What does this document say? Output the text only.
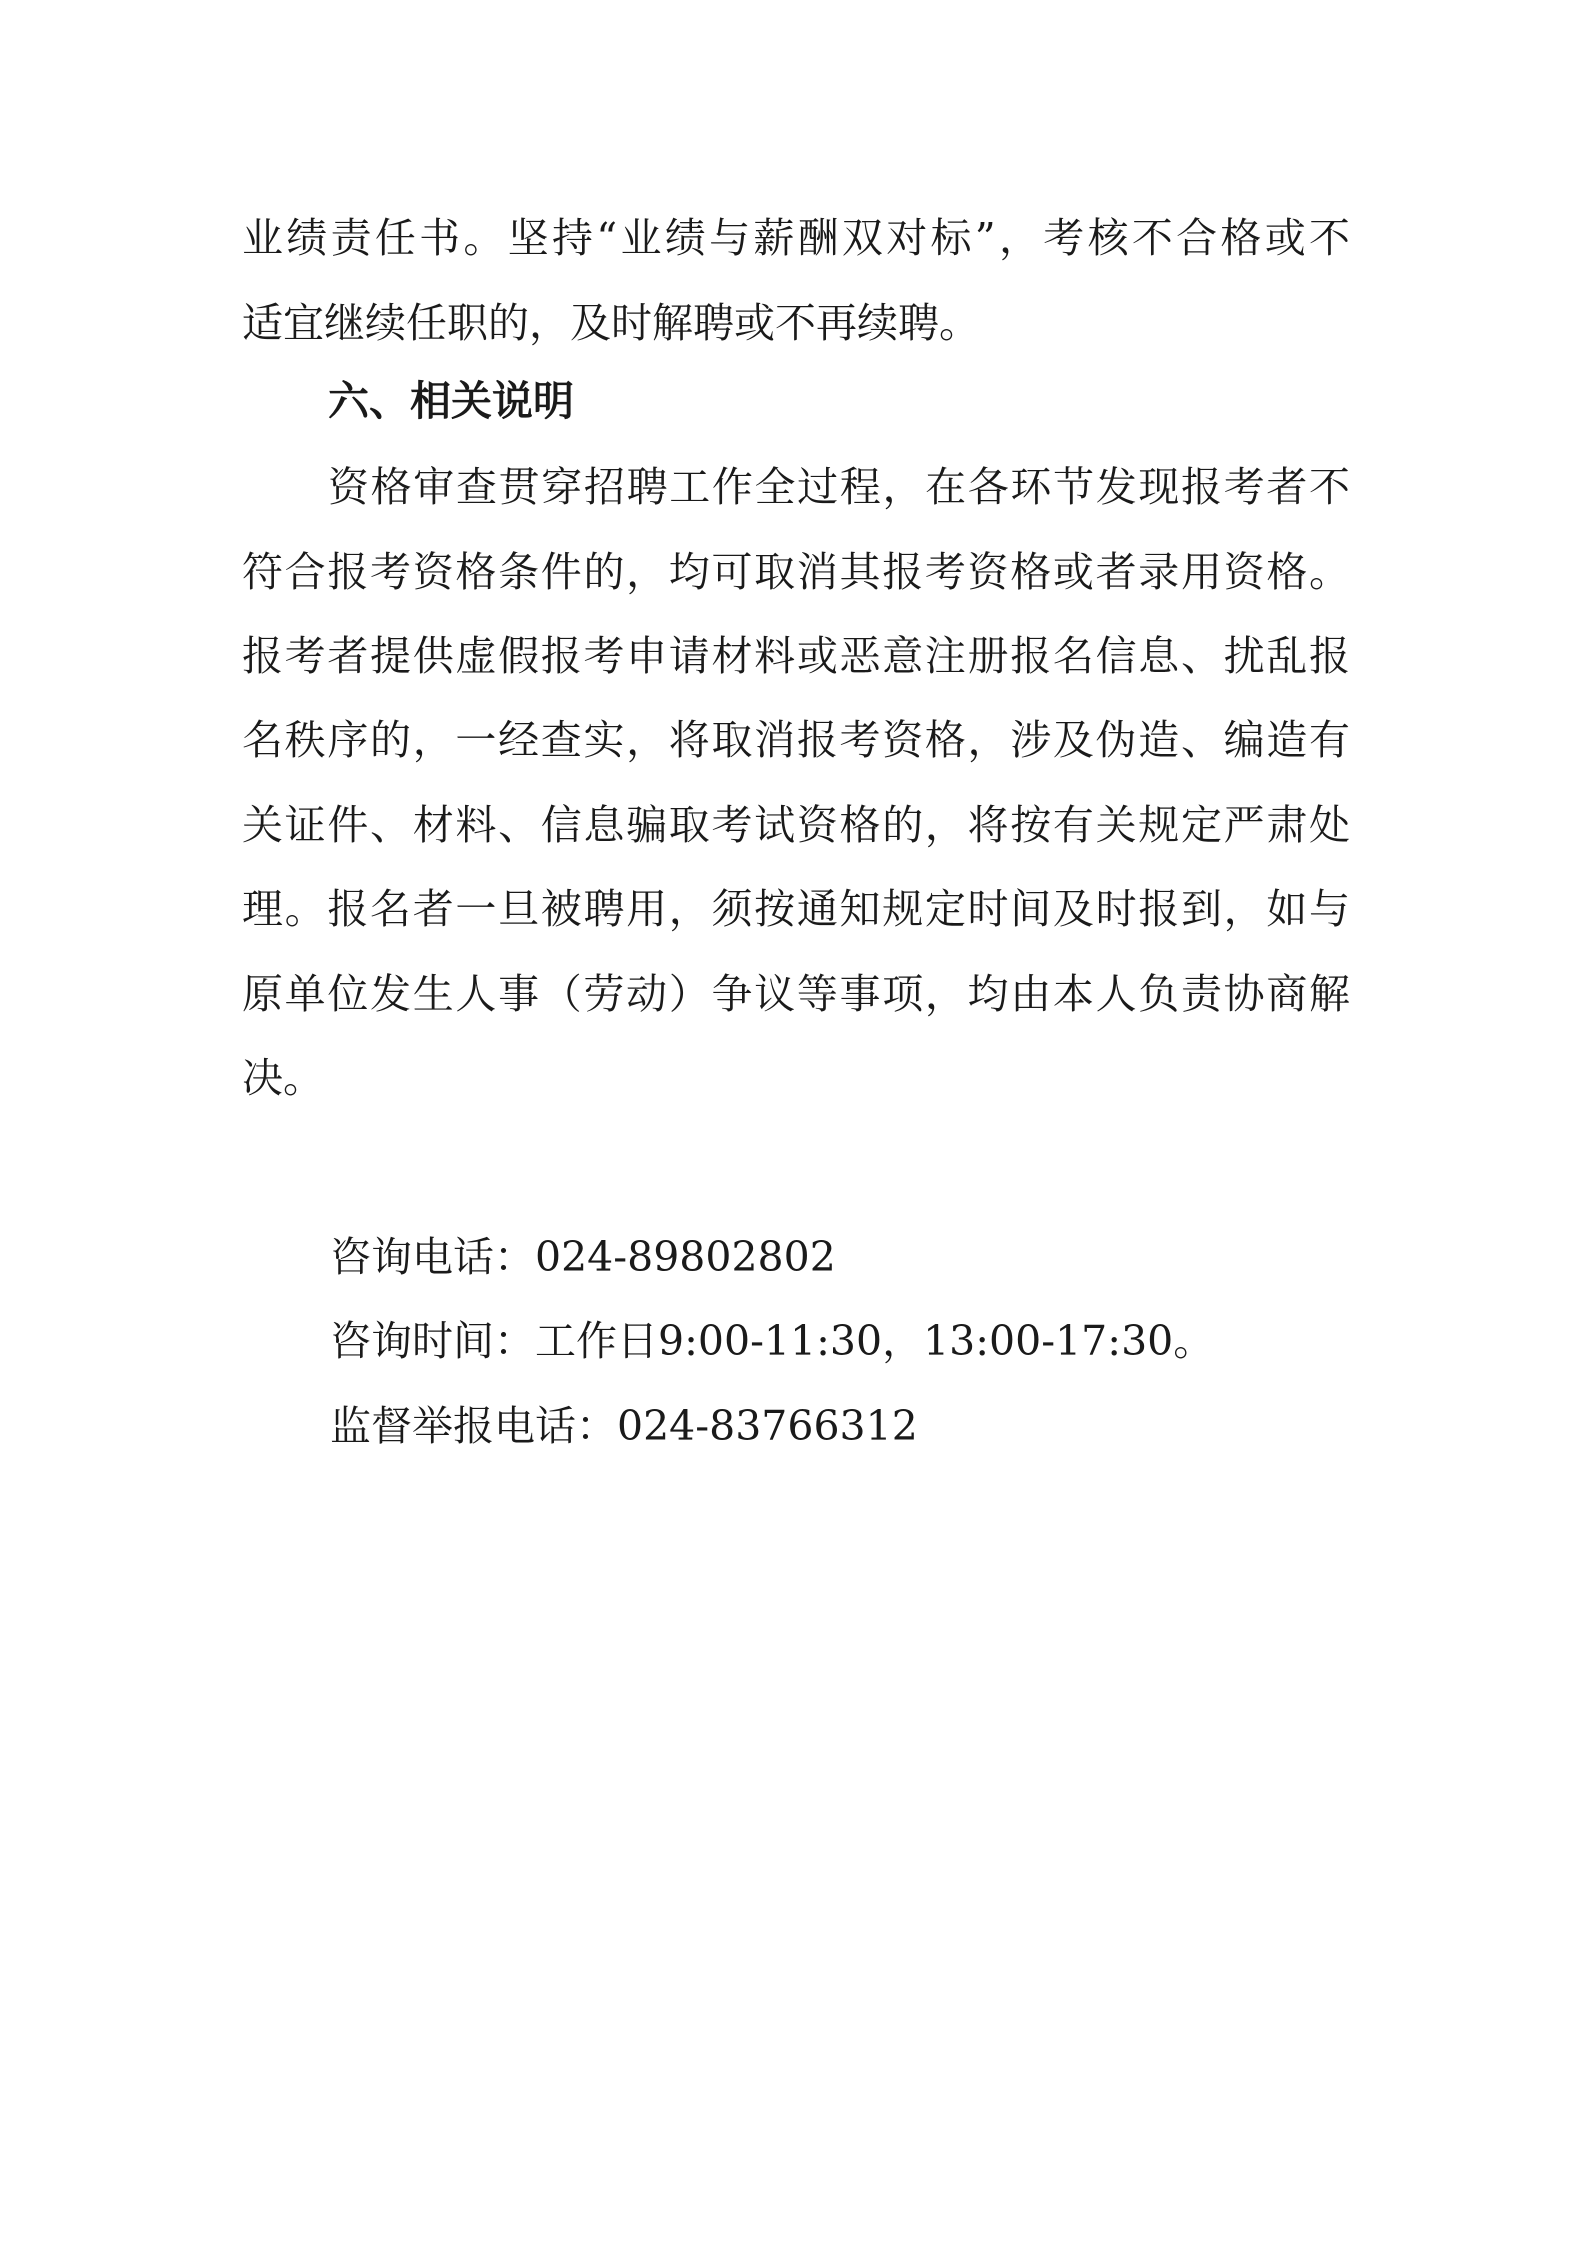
业绩责任书。坚持“业绩与薪酬双对标”，考核不合格或不
适宜继续任职的，及时解聘或不再续聘。
六、相关说明
资格审查贯穿招聘工作全过程，在各环节发现报考者不
符合报考资格条件的，均可取消其报考资格或者录用资格。
报考者提供虚假报考申请材料或恶意注册报名信息、扰乱报
名秩序的，一经查实，将取消报考资格，涉及伪造、编造有
关证件、材料、信息骗取考试资格的，将按有关规定严肃处
理。报名者一旦被聘用，须按通知规定时间及时报到，如与
原单位发生人事（劳动）争议等事项，均由本人负责协商解
决。
咨询电话：024-89802802
咨询时间：工作日9:00-11:30，13:00-17:30。
监督举报电话：024-83766312
